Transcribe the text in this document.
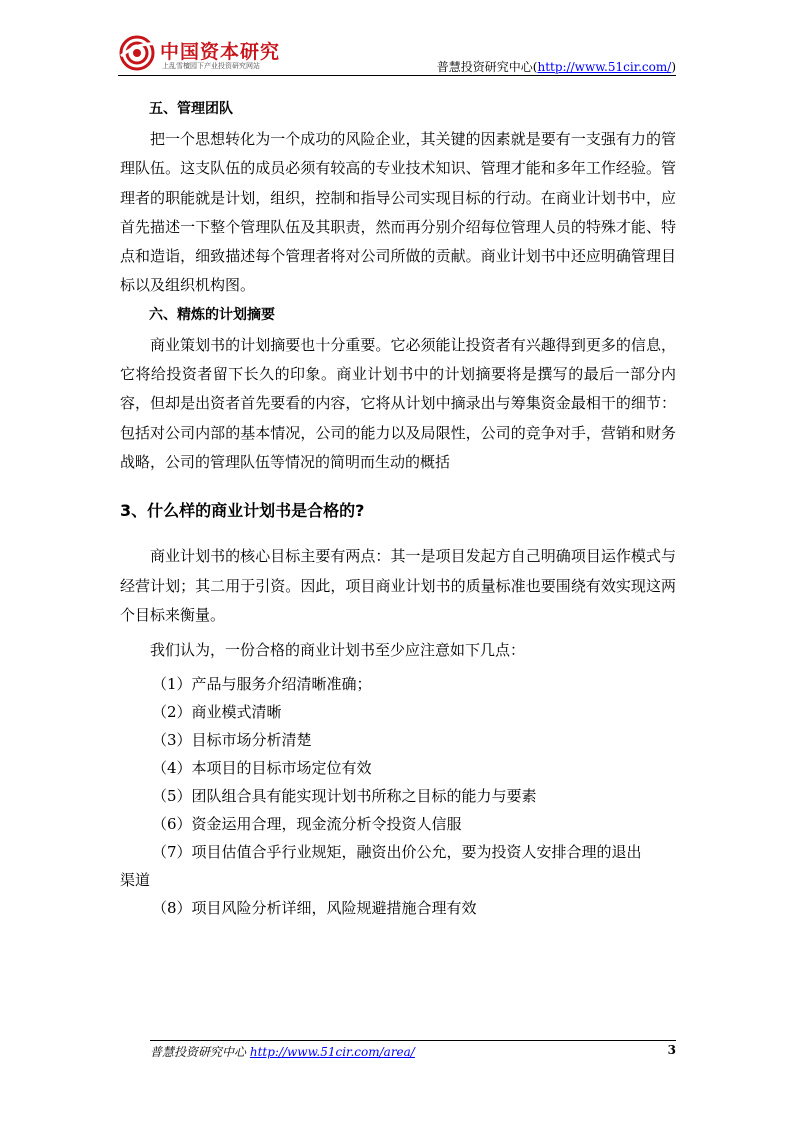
中国资本研究
上乱雪檀园下产业投资研究网站	普慧投资研究中心(http://www.51cir.com/)

五、管理团队

把一个思想转化为一个成功的风险企业，其关键的因素就是要有一支强有力的管理队伍。这支队伍的成员必须有较高的专业技术知识、管理才能和多年工作经验。管理者的职能就是计划，组织，控制和指导公司实现目标的行动。在商业计划书中，应首先描述一下整个管理队伍及其职责，然而再分别介绍每位管理人员的特殊才能、特点和造诣，细致描述每个管理者将对公司所做的贡献。商业计划书中还应明确管理目标以及组织机构图。

六、精炼的计划摘要

商业策划书的计划摘要也十分重要。它必须能让投资者有兴趣得到更多的信息，它将给投资者留下长久的印象。商业计划书中的计划摘要将是撰写的最后一部分内容，但却是出资者首先要看的内容，它将从计划中摘录出与筹集资金最相干的细节：包括对公司内部的基本情况，公司的能力以及局限性，公司的竞争对手，营销和财务战略，公司的管理队伍等情况的简明而生动的概括

3、什么样的商业计划书是合格的?

商业计划书的核心目标主要有两点：其一是项目发起方自己明确项目运作模式与经营计划；其二用于引资。因此，项目商业计划书的质量标准也要围绕有效实现这两个目标来衡量。

我们认为，一份合格的商业计划书至少应注意如下几点：

（1）产品与服务介绍清晰准确；

（2）商业模式清晰

（3）目标市场分析清楚

（4）本项目的目标市场定位有效

（5）团队组合具有能实现计划书所称之目标的能力与要素

（6）资金运用合理，现金流分析令投资人信服

（7）项目估值合乎行业规矩，融资出价公允，要为投资人安排合理的退出

渠道

（8）项目风险分析详细，风险规避措施合理有效

普慧投资研究中心 http://www.51cir.com/area/	3
